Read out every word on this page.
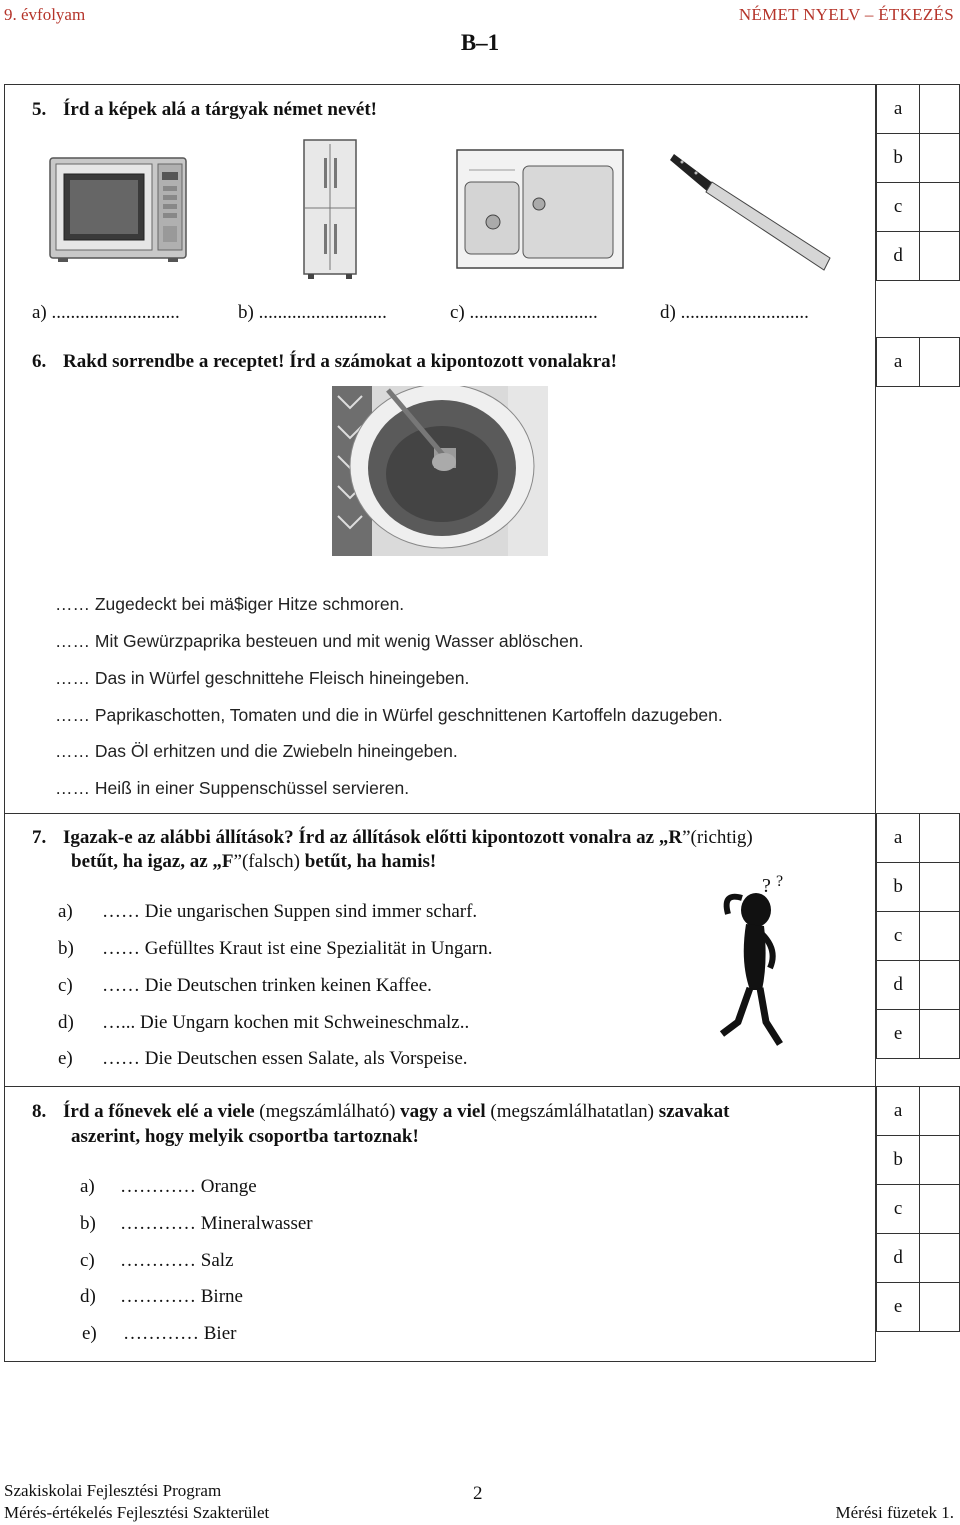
9. évfolyam	NÉMET NYELV – ÉTKEZÉS
B–1
5. Írd a képek alá a tárgyak német nevét!
a) ...........................	b) ...........................	c) ...........................	d) ...........................
a	
b	
c	
d	
6. Rakd sorrendbe a receptet! Írd a számokat a kipontozott vonalakra!	a	
…… Zugedeckt bei mä$iger Hitze schmoren.
…… Mit Gewürzpaprika besteuen und mit wenig Wasser ablöschen.
…… Das in Würfel geschnittehe Fleisch hineingeben.
…… Paprikaschotten, Tomaten und die in Würfel geschnittenen Kartoffeln dazugeben.
…… Das Öl erhitzen und die Zwiebeln hineingeben.
…… Heiß in einer Suppenschüssel servieren.
7. Igazak-e az alábbi állítások? Írd az állítások előtti kipontozott vonalra az „R”(richtig)
betűt, ha igaz, az „F”(falsch) betűt, ha hamis!
a	
b	
c	
d	
e	
a) …… Die ungarischen Suppen sind immer scharf.
b) …… Gefülltes Kraut ist eine Spezialität in Ungarn.
c) …… Die Deutschen trinken keinen Kaffee.
d) …... Die Ungarn kochen mit Schweineschmalz..
e) …… Die Deutschen essen Salate, als Vorspeise.
? ?
8. Írd a főnevek elé a viele (megszámlálható) vagy a viel (megszámlálhatatlan) szavakat
aszerint, hogy melyik csoportba tartoznak!
a	
b	
c	
d	
e	
a) ………… Orange
b) ………… Mineralwasser
c) ………… Salz
d) ………… Birne
e) ………… Bier
Szakiskolai Fejlesztési Program
Mérés-értékelés Fejlesztési Szakterület
2
Mérési füzetek 1.
